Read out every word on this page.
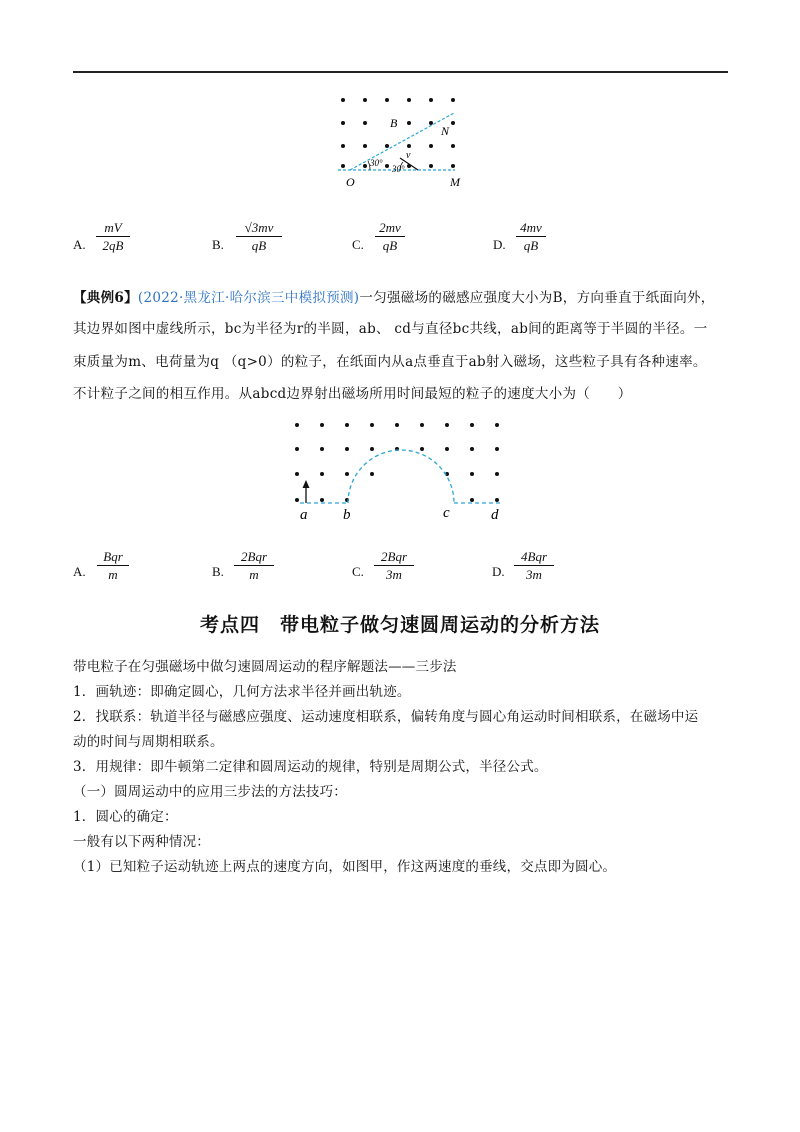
B
N
O	M
v
30°
30°
A. $\frac{mV}{2qB}$	B. $\frac{√3mv}{qB}$	C. $\frac{2mv}{qB}$	D. $\frac{4mv}{qB}$
【典例6】(2022·黑龙江·哈尔滨三中模拟预测)一匀强磁场的磁感应强度大小为B，方向垂直于纸面向外，
其边界如图中虚线所示，bc为半径为r的半圆，ab、 cd与直径bc共线，ab间的距离等于半圆的半径。一
束质量为m、电荷量为q （q>0）的粒子，在纸面内从a点垂直于ab射入磁场，这些粒子具有各种速率。
不计粒子之间的相互作用。从abcd边界射出磁场所用时间最短的粒子的速度大小为（　　）
a b	c	d
A.
Bqr
m	B.
2Bqr
m	C.
2Bqr
3m	D.
4Bqr
3m
考点四　带电粒子做匀速圆周运动的分析方法
带电粒子在匀强磁场中做匀速圆周运动的程序解题法——三步法
1．画轨迹：即确定圆心，几何方法求半径并画出轨迹。
2．找联系：轨道半径与磁感应强度、运动速度相联系，偏转角度与圆心角运动时间相联系，在磁场中运
动的时间与周期相联系。
3．用规律：即牛顿第二定律和圆周运动的规律，特别是周期公式，半径公式。
（一）圆周运动中的应用三步法的方法技巧：
1．圆心的确定：
一般有以下两种情况：
（1）已知粒子运动轨迹上两点的速度方向，如图甲，作这两速度的垂线，交点即为圆心。
